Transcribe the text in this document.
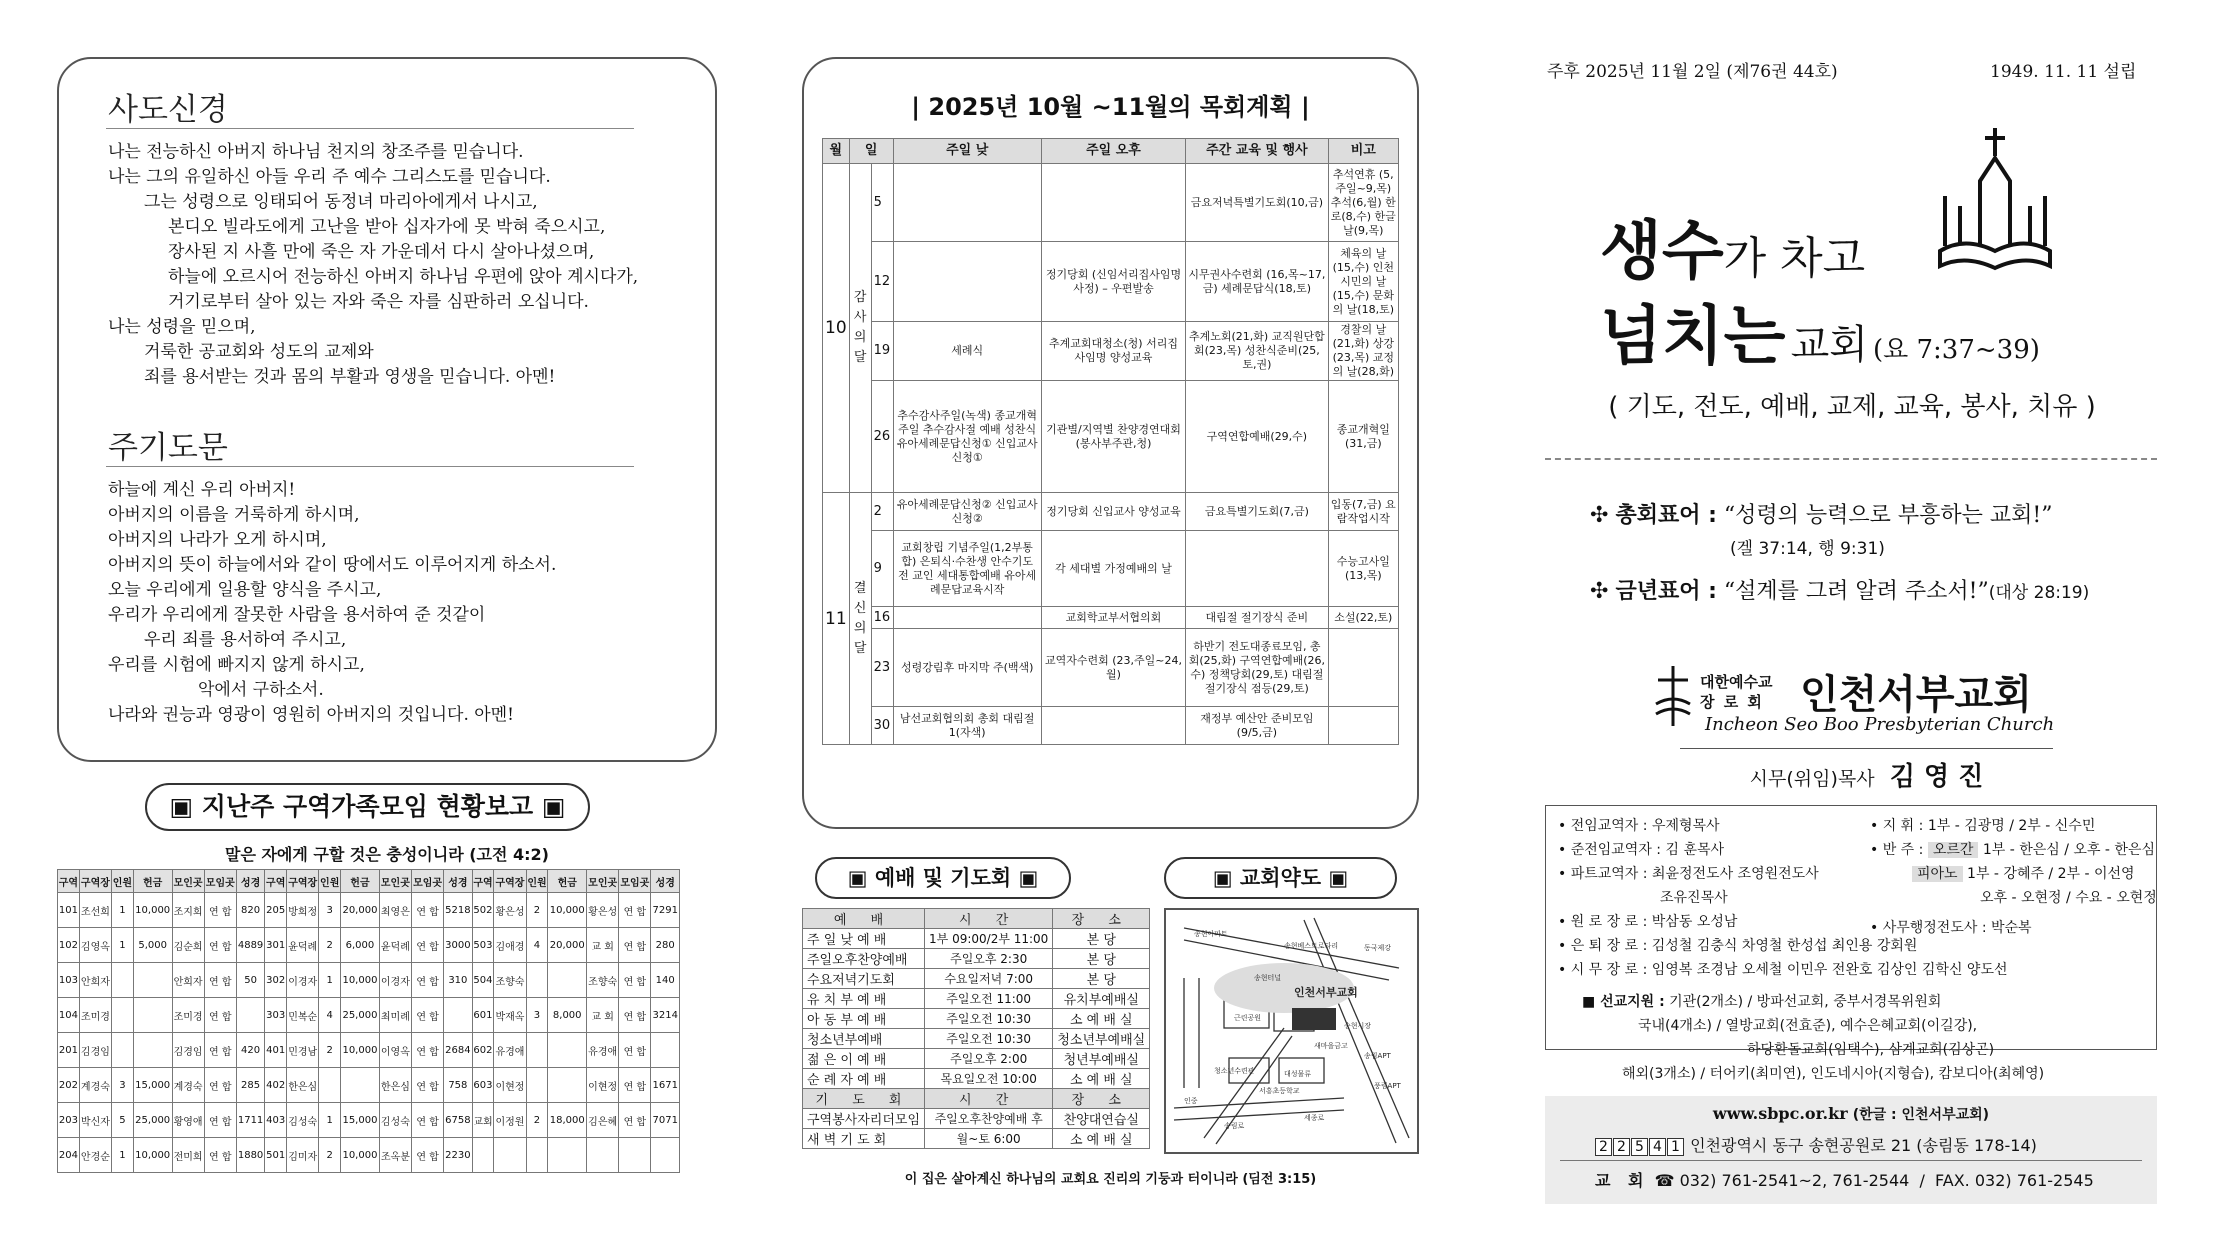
사도신경
나는 전능하신 아버지 하나님 천지의 창조주를 믿습니다.
나는 그의 유일하신 아들 우리 주 예수 그리스도를 믿습니다.
그는 성령으로 잉태되어 동정녀 마리아에게서 나시고,
본디오 빌라도에게 고난을 받아 십자가에 못 박혀 죽으시고,
장사된 지 사흘 만에 죽은 자 가운데서 다시 살아나셨으며,
하늘에 오르시어 전능하신 아버지 하나님 우편에 앉아 계시다가,
거기로부터 살아 있는 자와 죽은 자를 심판하러 오십니다.
나는 성령을 믿으며,
거룩한 공교회와 성도의 교제와
죄를 용서받는 것과 몸의 부활과 영생을 믿습니다. 아멘!
주기도문
하늘에 계신 우리 아버지!
아버지의 이름을 거룩하게 하시며,
아버지의 나라가 오게 하시며,
아버지의 뜻이 하늘에서와 같이 땅에서도 이루어지게 하소서.
오늘 우리에게 일용할 양식을 주시고,
우리가 우리에게 잘못한 사람을 용서하여 준 것같이
우리 죄를 용서하여 주시고,
우리를 시험에 빠지지 않게 하시고,
악에서 구하소서.
나라와 권능과 영광이 영원히 아버지의 것입니다. 아멘!
▣ 지난주 구역가족모임 현황보고 ▣
말은 자에게 구할 것은 충성이니라 (고전 4:2)
구역	구역장	인원	헌금	모인곳	모임곳	성경	구역	구역장	인원	헌금	모인곳	모임곳	성경	구역	구역장	인원	헌금	모인곳	모임곳	성경
101	조선희	1	10,000	조지희	연 합	820	205	방희정	3	20,000	최영은	연 합	5218	502	황은성	2	10,000	황은성	연 합	7291
102	김영옥	1	5,000	김순희	연 합	4889	301	윤덕례	2	6,000	윤덕례	연 합	3000	503	김애경	4	20,000	교 회	연 합	280
103	안희자			안희자	연 합	50	302	이경자	1	10,000	이경자	연 합	310	504	조향숙			조향숙	연 합	140
104	조미경			조미경	연 합		303	민복순	4	25,000	최미례	연 합		601	박재옥	3	8,000	교 회	연 합	3214
201	김경임			김경임	연 합	420	401	민경남	2	10,000	이영옥	연 합	2684	602	유경애			유경애	연 합	
202	계경숙	3	15,000	계경숙	연 합	285	402	한은심			한은심	연 합	758	603	이현정			이현정	연 합	1671
203	박신자	5	25,000	황영애	연 합	1711	403	김성숙	1	15,000	김성숙	연 합	6758	교회	이정원	2	18,000	김은혜	연 합	7071
204	안경순	1	10,000	전미희	연 합	1880	501	김미자	2	10,000	조옥분	연 합	2230							
| 2025년 10월 ~11월의 목회계획 |
월	일		주일 낮	주일 오후	주간 교육 및 행사	비고
10	감
사
의
달	5			금요저녁특별기도회(10,금)	추석연휴 (5,주일~9,목) 추석(6,월) 한로(8,수) 한글날(9,목)
		12		정기당회 (신임서리집사임명사정) – 우편발송	시무권사수련회 (16,목~17,금) 세례문답식(18,토)	체육의 날(15,수) 인천시민의 날 (15,수) 문화의 날(18,토)
		19	세례식	추계교회대청소(청) 서리집사임명 양성교육	추계노회(21,화) 교직원단합회(23,목) 성찬식준비(25,토,권)	경찰의 날(21,화) 상강(23,목) 교정의 날(28,화)
		26	추수감사주일(녹색) 종교개혁주일 추수감사절 예배 성찬식 유아세례문답신청① 신입교사 신청①	기관별/지역별 찬양경연대회 (봉사부주관,청)	구역연합예배(29,수)	종교개혁일 (31,금)
11	결
신
의
달	2	유아세례문답신청② 신입교사 신청②	정기당회 신입교사 양성교육	금요특별기도회(7,금)	입동(7,금) 요람작업시작
		9	교회창립 기념주일(1,2부통합) 은퇴식·수찬생 안수기도 전 교인 세대통합예배 유아세례문답교육시작	각 세대별 가정예배의 날		수능고사일 (13,목)
		16		교회학교부서협의회	대림절 절기장식 준비	소설(22,토)
		23	성령강림후 마지막 주(백색)	교역자수련회 (23,주일~24,월)	하반기 전도대종료모임, 총회(25,화) 구역연합예배(26,수) 정책당회(29,토) 대림절 절기장식 점등(29,토)	
		30	남선교회협의회 총회 대림절1(자색)		재정부 예산안 준비모임 (9/5,금)	
▣ 예배 및 기도회 ▣	▣ 교회약도 ▣
예 배	시 간	장 소
주 일 낮 예 배	1부 09:00/2부 11:00	본 당
주일오후찬양예배	주일오후 2:30	본 당
수요저녁기도회	수요일저녁 7:00	본 당
유 치 부 예 배	주일오전 11:00	유치부예배실
아 동 부 예 배	주일오전 10:30	소 예 배 실
청소년부예배	주일오전 10:30	청소년부예배실
젊 은 이 예 배	주일오후 2:00	청년부예배실
순 례 자 예 배	목요일오전 10:00	소 예 배 실
기 도 회	시 간	장 소
구역봉사자리더모임	주일오후찬양예배 후	찬양대연습실
새 벽 기 도 회	월~토 6:00	소 예 배 실
인천서부교회
송현아파트
송현베스트로타리	동국제강
송현시장
송현터널
근린공원
송림APT
새마을금고
대성물류
서흥초등학교
청소년수련관
풍림APT
세종로
인중
송림로
이 집은 살아계신 하나님의 교회요 진리의 기둥과 터이니라 (딤전 3:15)
주후 2025년 11월 2일 (제76권 44호)	1949. 11. 11 설립
생수가 차고
넘치는 교회 (요 7:37~39)
( 기도, 전도, 예배, 교제, 교육, 봉사, 치유 )
✣ 총회표어 : “성령의 능력으로 부흥하는 교회!”
(겔 37:14, 행 9:31)
✣ 금년표어 : “설계를 그려 알려 주소서!”(대상 28:19)
대한예수교
장 로 회 인천서부교회
Incheon Seo Boo Presbyterian Church
시무(위임)목사 김 영 진
• 전임교역자 : 우제형목사
• 준전임교역자 : 김 훈목사
• 파트교역자 : 최윤정전도사 조영원전도사
조유진목사
• 원 로 장 로 : 박삼동 오성남
• 은 퇴 장 로 : 김성철 김충식 차영철 한성섭 최인용 강회원
• 시 무 장 로 : 임영복 조경남 오세철 이민우 전완호 김상인 김학신 양도선
• 지 휘 : 1부 - 김광명 / 2부 - 신수민
• 반 주 : 오르간 1부 - 한은심 / 오후 - 한은심
피아노 1부 - 강혜주 / 2부 - 이선영
오후 - 오현정 / 수요 - 오현정
• 사무행정전도사 : 박순복
■ 선교지원 : 기관(2개소) / 방파선교회, 중부서경목위원회
국내(4개소) / 열방교회(전효준), 예수은혜교회(이길강),
하당환돌교회(임택수), 삼계교회(김상곤)
해외(3개소) / 터어키(최미연), 인도네시아(지형습), 캄보디아(최혜영)
www.sbpc.or.kr (한글 : 인천서부교회)
2 2 5 4 1 인천광역시 동구 송현공원로 21 (송림동 178-14)
교 회 ☎ 032) 761-2541~2, 761-2544  /  FAX. 032) 761-2545
